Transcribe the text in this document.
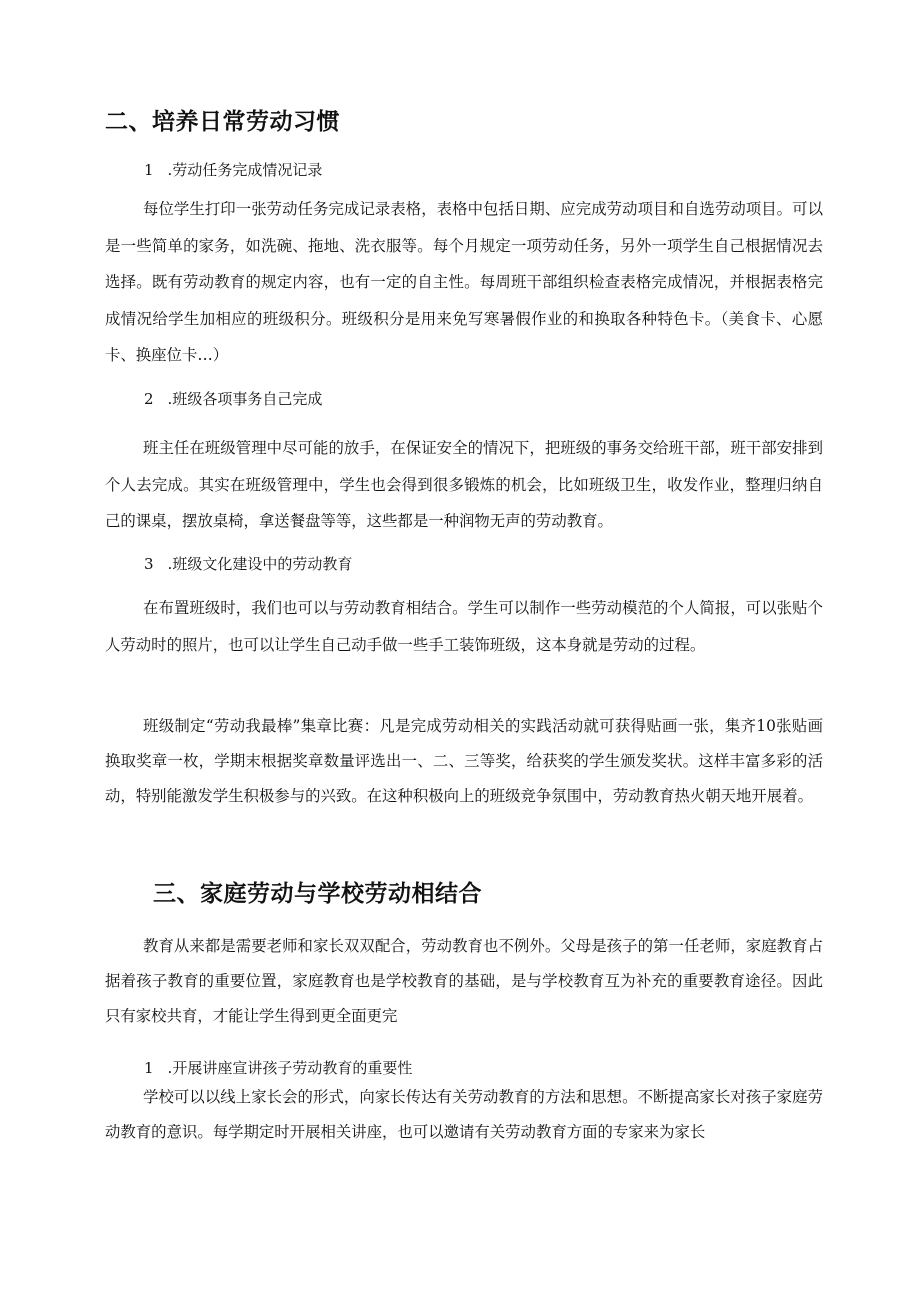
二、培养日常劳动习惯
1 .劳动任务完成情况记录

每位学生打印一张劳动任务完成记录表格，表格中包括日期、应完成劳动项目和自选劳动项目。可以是一些简单的家务，如洗碗、拖地、洗衣服等。每个月规定一项劳动任务，另外一项学生自己根据情况去选择。既有劳动教育的规定内容，也有一定的自主性。每周班干部组织检查表格完成情况，并根据表格完成情况给学生加相应的班级积分。班级积分是用来免写寒暑假作业的和换取各种特色卡。（美食卡、心愿卡、换座位卡…）

2 .班级各项事务自己完成

班主任在班级管理中尽可能的放手，在保证安全的情况下，把班级的事务交给班干部，班干部安排到个人去完成。其实在班级管理中，学生也会得到很多锻炼的机会，比如班级卫生，收发作业，整理归纳自己的课桌，摆放桌椅，拿送餐盘等等，这些都是一种润物无声的劳动教育。

3 .班级文化建设中的劳动教育

在布置班级时，我们也可以与劳动教育相结合。学生可以制作一些劳动模范的个人简报，可以张贴个人劳动时的照片，也可以让学生自己动手做一些手工装饰班级，这本身就是劳动的过程。

班级制定“劳动我最棒”集章比赛：凡是完成劳动相关的实践活动就可获得贴画一张，集齐10张贴画换取奖章一枚，学期末根据奖章数量评选出一、二、三等奖，给获奖的学生颁发奖状。这样丰富多彩的活动，特别能激发学生积极参与的兴致。在这种积极向上的班级竞争氛围中，劳动教育热火朝天地开展着。

三、家庭劳动与学校劳动相结合

教育从来都是需要老师和家长双双配合，劳动教育也不例外。父母是孩子的第一任老师，家庭教育占据着孩子教育的重要位置，家庭教育也是学校教育的基础，是与学校教育互为补充的重要教育途径。因此只有家校共育，才能让学生得到更全面更完

1 .开展讲座宣讲孩子劳动教育的重要性

学校可以以线上家长会的形式，向家长传达有关劳动教育的方法和思想。不断提高家长对孩子家庭劳动教育的意识。每学期定时开展相关讲座，也可以邀请有关劳动教育方面的专家来为家长
